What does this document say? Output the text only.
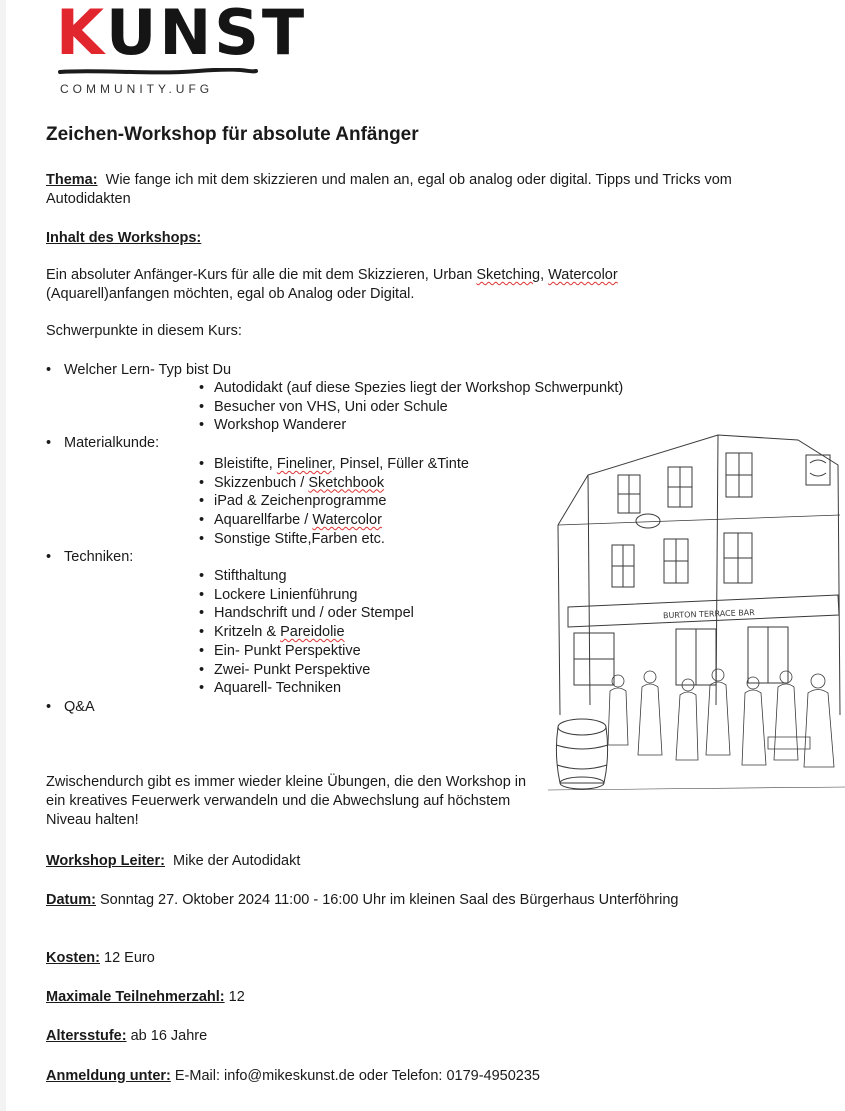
KUNST
COMMUNITY.UFG
Zeichen-Workshop für absolute Anfänger
Thema: Wie fange ich mit dem skizzieren und malen an, egal ob analog oder digital. Tipps und Tricks vom Autodidakten
Inhalt des Workshops:
Ein absoluter Anfänger-Kurs für alle die mit dem Skizzieren, Urban Sketching, Watercolor (Aquarell)anfangen möchten, egal ob Analog oder Digital.
Schwerpunkte in diesem Kurs:
• Welcher Lern- Typ bist Du
• Autodidakt (auf diese Spezies liegt der Workshop Schwerpunkt)
• Besucher von VHS, Uni oder Schule
• Workshop Wanderer
• Materialkunde:
• Bleistifte, Fineliner, Pinsel, Füller &Tinte
• Skizzenbuch / Sketchbook
• iPad & Zeichenprogramme
• Aquarellfarbe / Watercolor
• Sonstige Stifte,Farben etc.
• Techniken:
• Stifthaltung
• Lockere Linienführung
• Handschrift und / oder Stempel
• Kritzeln & Pareidolie
• Ein- Punkt Perspektive
• Zwei- Punkt Perspektive
• Aquarell- Techniken
• Q&A
BURTON TERRACE BAR
Zwischendurch gibt es immer wieder kleine Übungen, die den Workshop in ein kreatives Feuerwerk verwandeln und die Abwechslung auf höchstem Niveau halten!
Workshop Leiter: Mike der Autodidakt
Datum: Sonntag 27. Oktober 2024 11:00 - 16:00 Uhr im kleinen Saal des Bürgerhaus Unterföhring
Kosten: 12 Euro
Maximale Teilnehmerzahl: 12
Altersstufe: ab 16 Jahre
Anmeldung unter: E-Mail: info@mikeskunst.de oder Telefon: 0179-4950235
